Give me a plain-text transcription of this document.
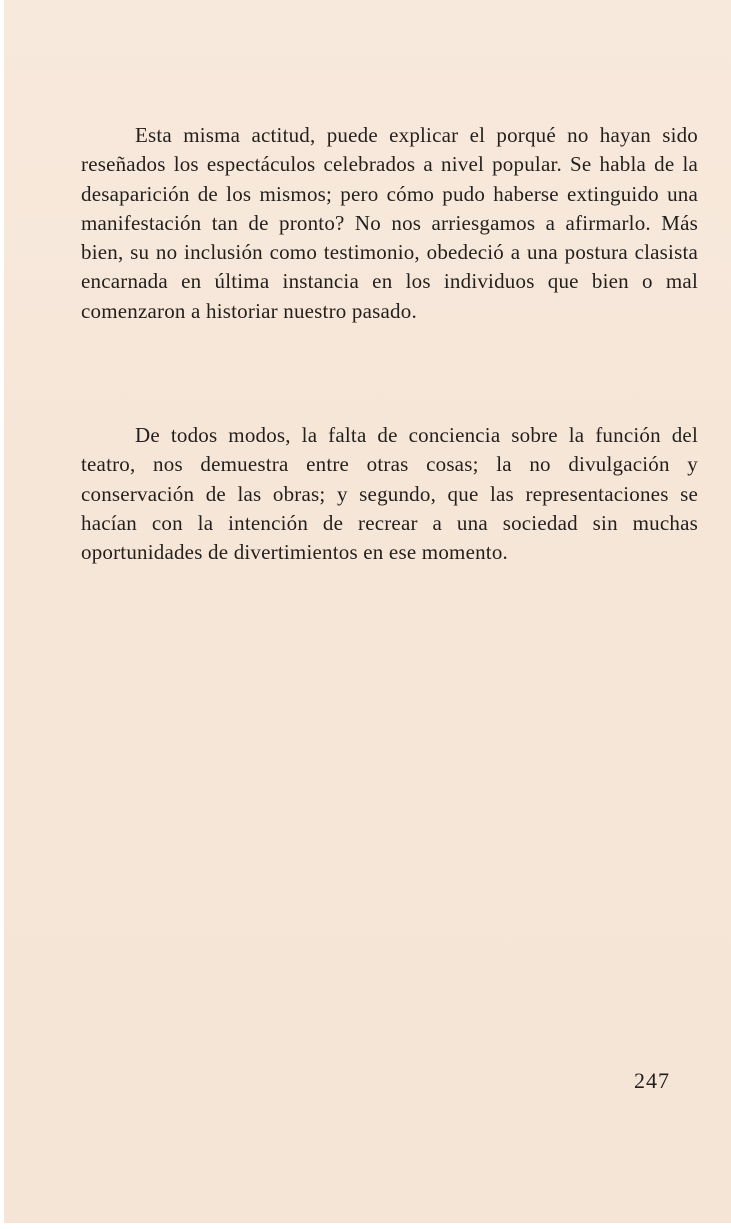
Esta misma actitud, puede explicar el porqué no hayan sido reseñados los espectáculos celebrados a nivel popular. Se habla de la desaparición de los mismos; pero cómo pudo haberse extinguido una manifestación tan de pronto? No nos arriesgamos a afirmarlo. Más bien, su no inclusión como testimonio, obedeció a una postura clasista encarnada en última instancia en los individuos que bien o mal comenzaron a historiar nuestro pasado.

De todos modos, la falta de conciencia sobre la función del teatro, nos demuestra entre otras cosas; la no divulgación y conservación de las obras; y segundo, que las representaciones se hacían con la intención de recrear a una sociedad sin muchas oportunidades de divertimientos en ese momento.

247
